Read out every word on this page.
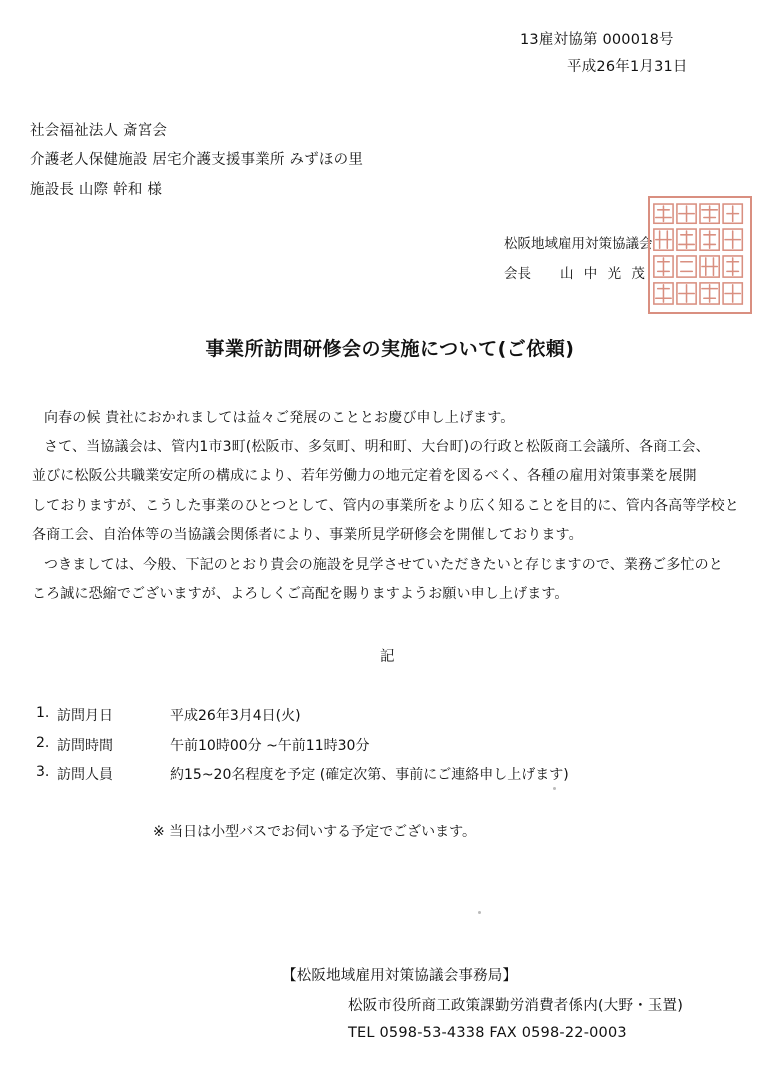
13雇対協第 000018号
平成26年1月31日
社会福祉法人 斎宮会
介護老人保健施設 居宅介護支援事業所 みずほの里
施設長 山際 幹和 様
松阪地域雇用対策協議会
会長 山 中 光 茂
事業所訪問研修会の実施について(ご依頼)
向春の候 貴社におかれましては益々ご発展のこととお慶び申し上げます。
さて、当協議会は、管内1市3町(松阪市、多気町、明和町、大台町)の行政と松阪商工会議所、各商工会、
並びに松阪公共職業安定所の構成により、若年労働力の地元定着を図るべく、各種の雇用対策事業を展開
しておりますが、こうした事業のひとつとして、管内の事業所をより広く知ることを目的に、管内各高等学校と
各商工会、自治体等の当協議会関係者により、事業所見学研修会を開催しております。
つきましては、今般、下記のとおり貴会の施設を見学させていただきたいと存じますので、業務ご多忙のと
ころ誠に恐縮でございますが、よろしくご高配を賜りますようお願い申し上げます。
記
1. 訪問月日	平成26年3月4日(火)
2. 訪問時間	午前10時00分 ~午前11時30分
3. 訪問人員	約15~20名程度を予定 (確定次第、事前にご連絡申し上げます)
※ 当日は小型バスでお伺いする予定でございます。
【松阪地域雇用対策協議会事務局】
松阪市役所商工政策課勤労消費者係内(大野・玉置)
TEL 0598-53-4338 FAX 0598-22-0003
